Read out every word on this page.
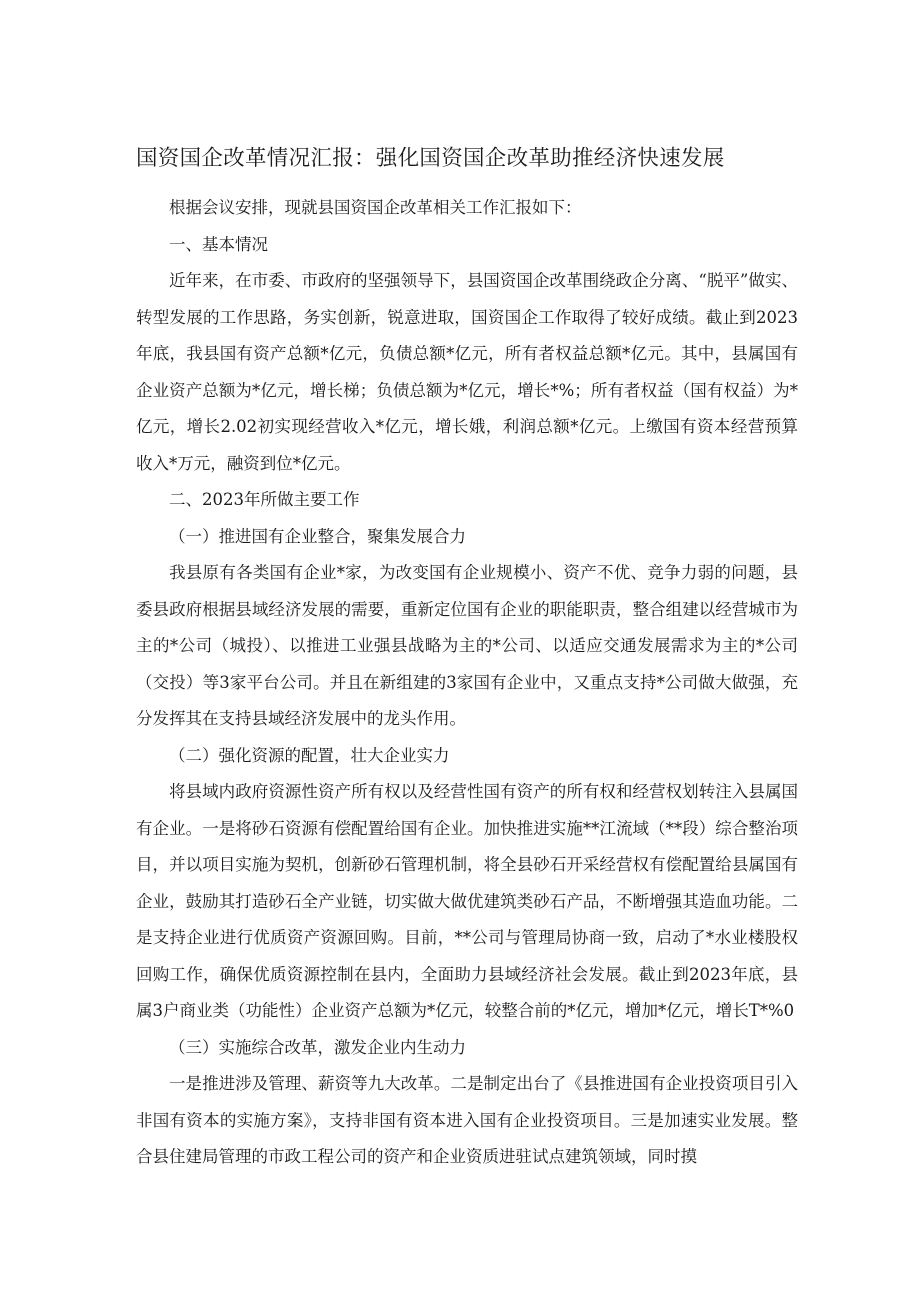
国资国企改革情况汇报：强化国资国企改革助推经济快速发展

根据会议安排，现就县国资国企改革相关工作汇报如下：

一、基本情况

近年来，在市委、市政府的坚强领导下，县国资国企改革围绕政企分离、“脱平”做实、转型发展的工作思路，务实创新，锐意进取，国资国企工作取得了较好成绩。截止到2023年底，我县国有资产总额*亿元，负债总额*亿元，所有者权益总额*亿元。其中，县属国有企业资产总额为*亿元，增长梯；负债总额为*亿元，增长*%；所有者权益（国有权益）为*亿元，增长2.02初实现经营收入*亿元，增长娥，利润总额*亿元。上缴国有资本经营预算收入*万元，融资到位*亿元。

二、2023年所做主要工作

（一）推进国有企业整合，聚集发展合力

我县原有各类国有企业*家，为改变国有企业规模小、资产不优、竞争力弱的问题，县委县政府根据县域经济发展的需要，重新定位国有企业的职能职责，整合组建以经营城市为主的*公司（城投）、以推进工业强县战略为主的*公司、以适应交通发展需求为主的*公司（交投）等3家平台公司。并且在新组建的3家国有企业中，又重点支持*公司做大做强，充分发挥其在支持县域经济发展中的龙头作用。

（二）强化资源的配置，壮大企业实力

将县域内政府资源性资产所有权以及经营性国有资产的所有权和经营权划转注入县属国有企业。一是将砂石资源有偿配置给国有企业。加快推进实施**江流域（**段）综合整治项目，并以项目实施为契机，创新砂石管理机制，将全县砂石开采经营权有偿配置给县属国有企业，鼓励其打造砂石全产业链，切实做大做优建筑类砂石产品，不断增强其造血功能。二是支持企业进行优质资产资源回购。目前，**公司与管理局协商一致，启动了*水业楼股权回购工作，确保优质资源控制在县内，全面助力县域经济社会发展。截止到2023年底，县属3户商业类（功能性）企业资产总额为*亿元，较整合前的*亿元，增加*亿元，增长T*%0

（三）实施综合改革，激发企业内生动力

一是推进涉及管理、薪资等九大改革。二是制定出台了《县推进国有企业投资项目引入非国有资本的实施方案》，支持非国有资本进入国有企业投资项目。三是加速实业发展。整合县住建局管理的市政工程公司的资产和企业资质进驻试点建筑领域，同时摸
